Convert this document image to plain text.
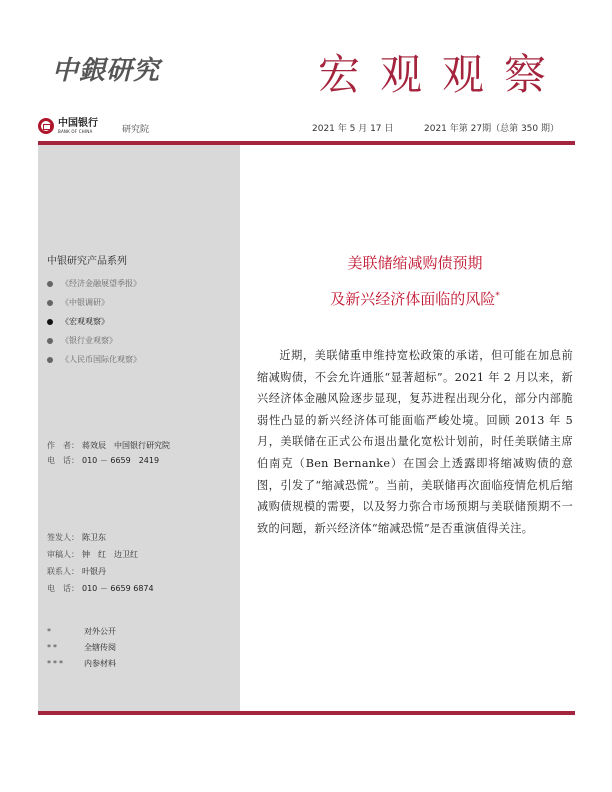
中銀研究	宏观观察
中国银行
BANK OF CHINA	研究院	2021 年 5 月 17 日	2021 年第 27期（总第 350 期）
中银研究产品系列
《经济金融展望季报》
《中银调研》
《宏观观察》
《银行业观察》
《人民币国际化观察》
作　者： 蒋效辰　中国银行研究院
电　话： 010 － 6659　2419
签发人： 陈卫东
审稿人： 钟　红　边卫红
联系人： 叶银丹
电　话： 010 － 6659 6874
*	对外公开
**	全辖传阅
***	内参材料
美联储缩减购债预期
及新兴经济体面临的风险*
近期，美联储重申维持宽松政策的承诺，但可能在加息前缩减购债，不会允许通胀“显著超标”。2021 年 2 月以来，新兴经济体金融风险逐步显现，复苏进程出现分化，部分内部脆弱性凸显的新兴经济体可能面临严峻处境。回顾 2013 年 5 月，美联储在正式公布退出量化宽松计划前，时任美联储主席伯南克（Ben Bernanke）在国会上透露即将缩减购债的意图，引发了“缩减恐慌”。当前，美联储再次面临疫情危机后缩减购债规模的需要，以及努力弥合市场预期与美联储预期不一致的问题，新兴经济体“缩减恐慌”是否重演值得关注。
